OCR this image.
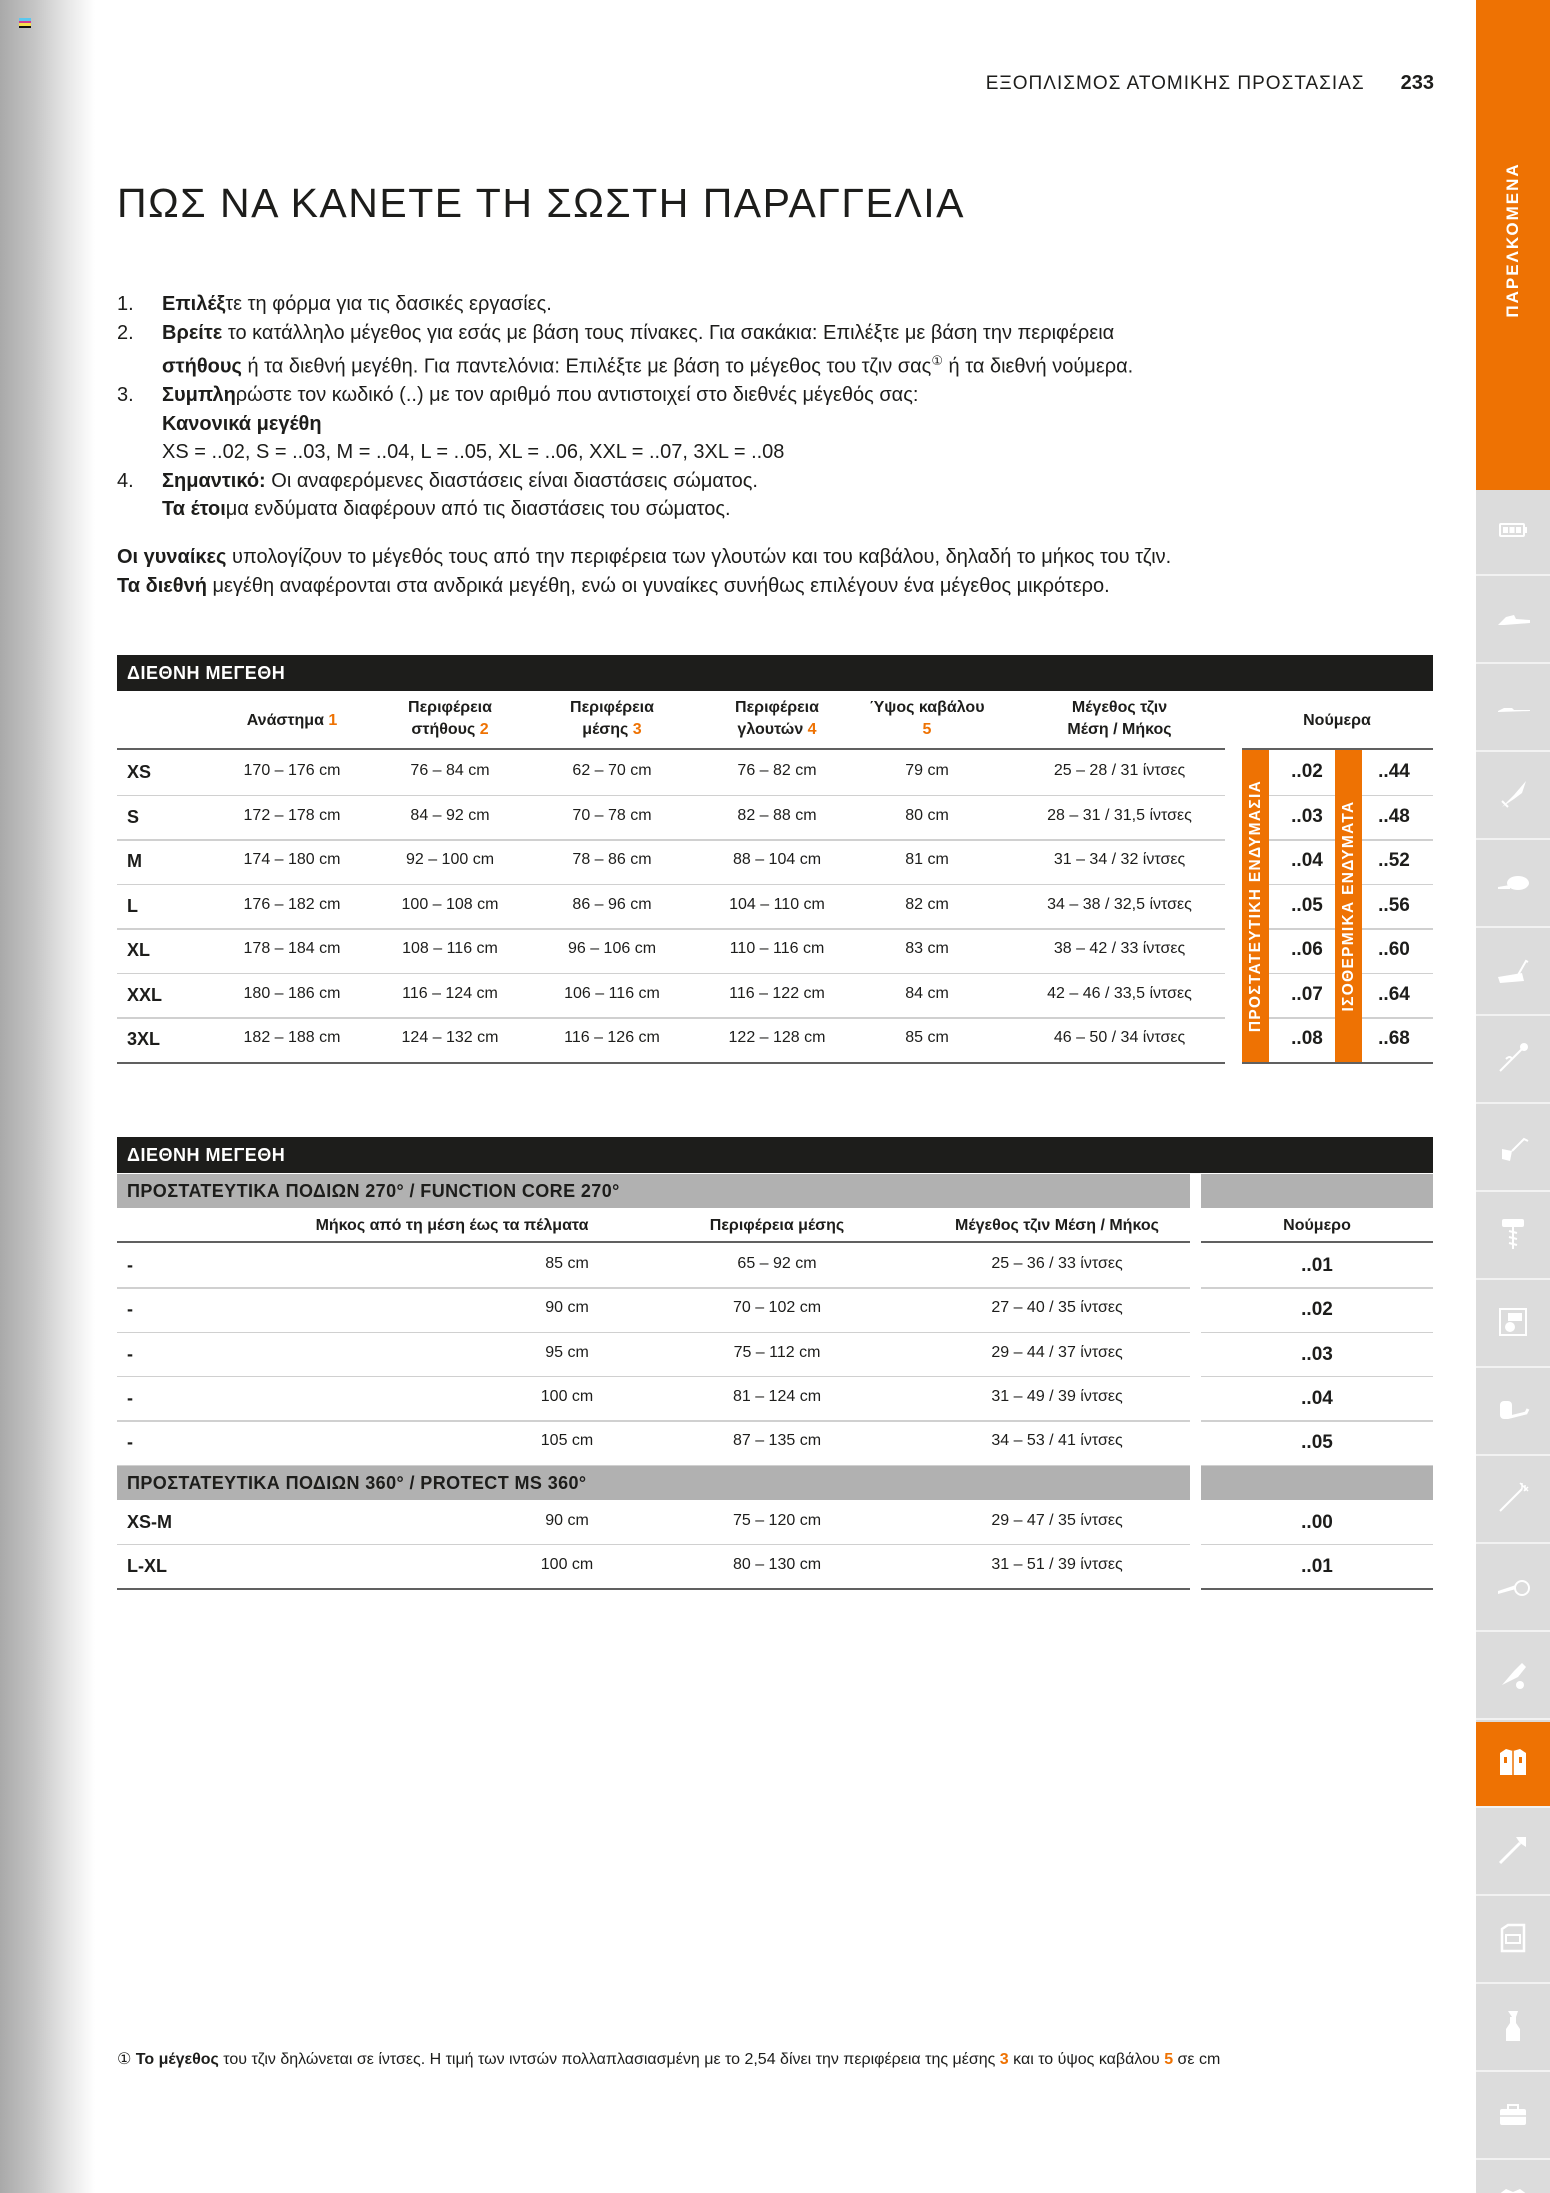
ΕΞΟΠΛΙΣΜΟΣ ΑΤΟΜΙΚΗΣ ΠΡΟΣΤΑΣΙΑΣ 233
ΠΑΡΕΛΚΟΜΕΝΑ
ΠΩΣ ΝΑ ΚΑΝΕΤΕ ΤΗ ΣΩΣΤΗ ΠΑΡΑΓΓΕΛΙΑ
1.	Επιλέξτε τη φόρμα για τις δασικές εργασίες.
2.	Βρείτε το κατάλληλο μέγεθος για εσάς με βάση τους πίνακες. Για σακάκια: Επιλέξτε με βάση την περιφέρεια
στήθους ή τα διεθνή μεγέθη. Για παντελόνια: Επιλέξτε με βάση το μέγεθος του τζιν σας① ή τα διεθνή νούμερα.
3.	Συμπληρώστε τον κωδικό (..) με τον αριθμό που αντιστοιχεί στο διεθνές μέγεθός σας:
Κανονικά μεγέθη
XS = ..02, S = ..03, M = ..04, L = ..05, XL = ..06, XXL = ..07, 3XL = ..08
4.	Σημαντικό: Οι αναφερόμενες διαστάσεις είναι διαστάσεις σώματος.
Τα έτοιμα ενδύματα διαφέρουν από τις διαστάσεις του σώματος.
Οι γυναίκες υπολογίζουν το μέγεθός τους από την περιφέρεια των γλουτών και του καβάλου, δηλαδή το μήκος του τζιν.
Τα διεθνή μεγέθη αναφέρονται στα ανδρικά μεγέθη, ενώ οι γυναίκες συνήθως επιλέγουν ένα μέγεθος μικρότερο.
ΔΙΕΘΝΗ ΜΕΓΕΘΗ
Ανάστημα 1
Περιφέρεια
στήθους 2
Περιφέρεια
μέσης 3
Περιφέρεια
γλουτών 4
Ύψος καβάλου
5
Μέγεθος τζιν
Μέση / Μήκος
Νούμερα
XS	170 – 176 cm	76 – 84 cm	62 – 70 cm	76 – 82 cm	79 cm	25 – 28 / 31 ίντσες	..02	..44
S	172 – 178 cm	84 – 92 cm	70 – 78 cm	82 – 88 cm	80 cm	28 – 31 / 31,5 ίντσες	..03	..48
M	174 – 180 cm	92 – 100 cm	78 – 86 cm	88 – 104 cm	81 cm	31 – 34 / 32 ίντσες	..04	..52
L	176 – 182 cm	100 – 108 cm	86 – 96 cm	104 – 110 cm	82 cm	34 – 38 / 32,5 ίντσες	..05	..56
XL	178 – 184 cm	108 – 116 cm	96 – 106 cm	110 – 116 cm	83 cm	38 – 42 / 33 ίντσες	..06	..60
XXL	180 – 186 cm	116 – 124 cm	106 – 116 cm	116 – 122 cm	84 cm	42 – 46 / 33,5 ίντσες	..07	..64
3XL	182 – 188 cm	124 – 132 cm	116 – 126 cm	122 – 128 cm	85 cm	46 – 50 / 34 ίντσες	..08	..68
ΠΡΟΣΤΑΤΕΥΤΙΚΗ ΕΝΔΥΜΑΣΙΑ	ΙΣΟΘΕΡΜΙΚΑ ΕΝΔΥΜΑΤΑ
ΔΙΕΘΝΗ ΜΕΓΕΘΗ
ΠΡΟΣΤΑΤΕΥΤΙΚΑ ΠΟΔΙΩΝ 270° / FUNCTION CORE 270°
Μήκος από τη μέση έως τα πέλματα	Περιφέρεια μέσης	Μέγεθος τζιν Μέση / Μήκος	Νούμερο
-	85 cm	65 – 92 cm	25 – 36 / 33 ίντσες	..01
-	90 cm	70 – 102 cm	27 – 40 / 35 ίντσες	..02
-	95 cm	75 – 112 cm	29 – 44 / 37 ίντσες	..03
-	100 cm	81 – 124 cm	31 – 49 / 39 ίντσες	..04
-	105 cm	87 – 135 cm	34 – 53 / 41 ίντσες	..05
ΠΡΟΣΤΑΤΕΥΤΙΚΑ ΠΟΔΙΩΝ 360° / PROTECT MS 360°
XS-M	90 cm	75 – 120 cm	29 – 47 / 35 ίντσες	..00
L-XL	100 cm	80 – 130 cm	31 – 51 / 39 ίντσες	..01
① Το μέγεθος του τζιν δηλώνεται σε ίντσες. Η τιμή των ιντσών πολλαπλασιασμένη με το 2,54 δίνει την περιφέρεια της μέσης 3 και το ύψος καβάλου 5 σε cm
